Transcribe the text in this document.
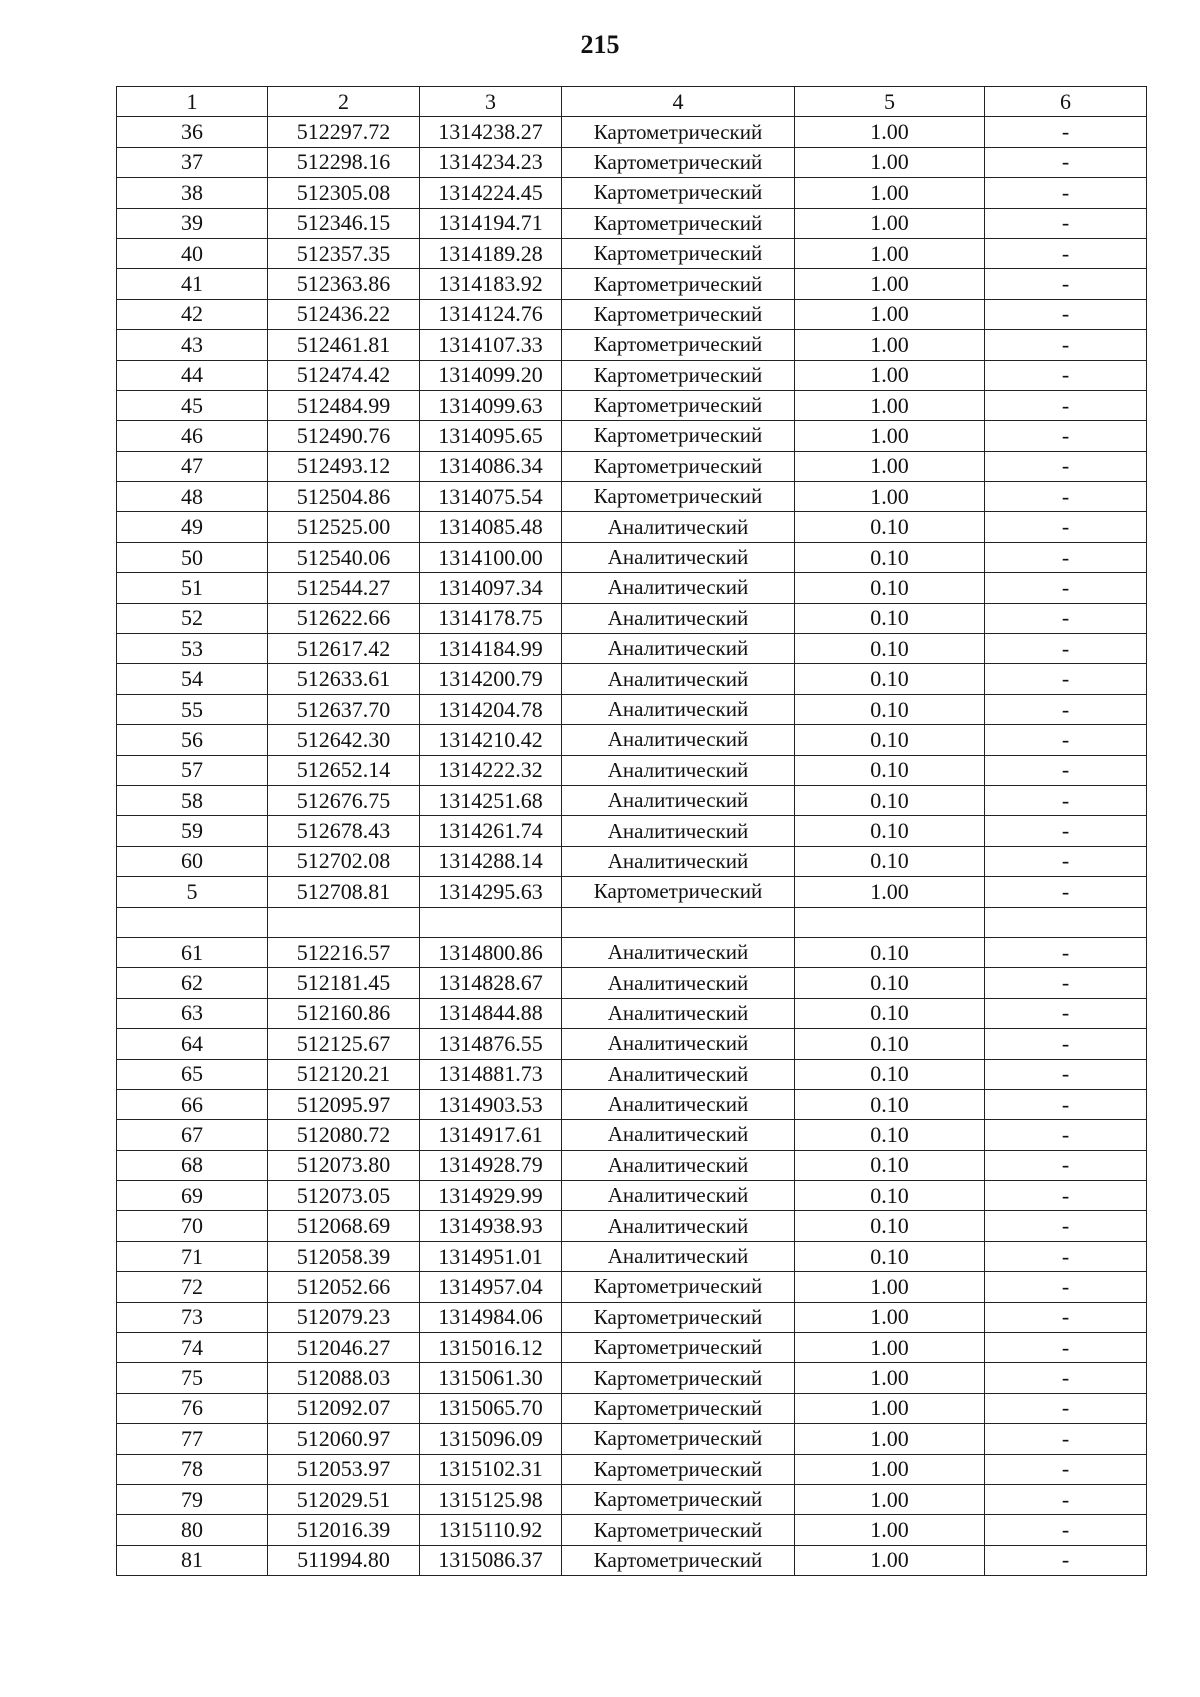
215
1	2	3	4	5	6
36	512297.72	1314238.27	Картометрический	1.00	-
37	512298.16	1314234.23	Картометрический	1.00	-
38	512305.08	1314224.45	Картометрический	1.00	-
39	512346.15	1314194.71	Картометрический	1.00	-
40	512357.35	1314189.28	Картометрический	1.00	-
41	512363.86	1314183.92	Картометрический	1.00	-
42	512436.22	1314124.76	Картометрический	1.00	-
43	512461.81	1314107.33	Картометрический	1.00	-
44	512474.42	1314099.20	Картометрический	1.00	-
45	512484.99	1314099.63	Картометрический	1.00	-
46	512490.76	1314095.65	Картометрический	1.00	-
47	512493.12	1314086.34	Картометрический	1.00	-
48	512504.86	1314075.54	Картометрический	1.00	-
49	512525.00	1314085.48	Аналитический	0.10	-
50	512540.06	1314100.00	Аналитический	0.10	-
51	512544.27	1314097.34	Аналитический	0.10	-
52	512622.66	1314178.75	Аналитический	0.10	-
53	512617.42	1314184.99	Аналитический	0.10	-
54	512633.61	1314200.79	Аналитический	0.10	-
55	512637.70	1314204.78	Аналитический	0.10	-
56	512642.30	1314210.42	Аналитический	0.10	-
57	512652.14	1314222.32	Аналитический	0.10	-
58	512676.75	1314251.68	Аналитический	0.10	-
59	512678.43	1314261.74	Аналитический	0.10	-
60	512702.08	1314288.14	Аналитический	0.10	-
5	512708.81	1314295.63	Картометрический	1.00	-

61	512216.57	1314800.86	Аналитический	0.10	-
62	512181.45	1314828.67	Аналитический	0.10	-
63	512160.86	1314844.88	Аналитический	0.10	-
64	512125.67	1314876.55	Аналитический	0.10	-
65	512120.21	1314881.73	Аналитический	0.10	-
66	512095.97	1314903.53	Аналитический	0.10	-
67	512080.72	1314917.61	Аналитический	0.10	-
68	512073.80	1314928.79	Аналитический	0.10	-
69	512073.05	1314929.99	Аналитический	0.10	-
70	512068.69	1314938.93	Аналитический	0.10	-
71	512058.39	1314951.01	Аналитический	0.10	-
72	512052.66	1314957.04	Картометрический	1.00	-
73	512079.23	1314984.06	Картометрический	1.00	-
74	512046.27	1315016.12	Картометрический	1.00	-
75	512088.03	1315061.30	Картометрический	1.00	-
76	512092.07	1315065.70	Картометрический	1.00	-
77	512060.97	1315096.09	Картометрический	1.00	-
78	512053.97	1315102.31	Картометрический	1.00	-
79	512029.51	1315125.98	Картометрический	1.00	-
80	512016.39	1315110.92	Картометрический	1.00	-
81	511994.80	1315086.37	Картометрический	1.00	-
